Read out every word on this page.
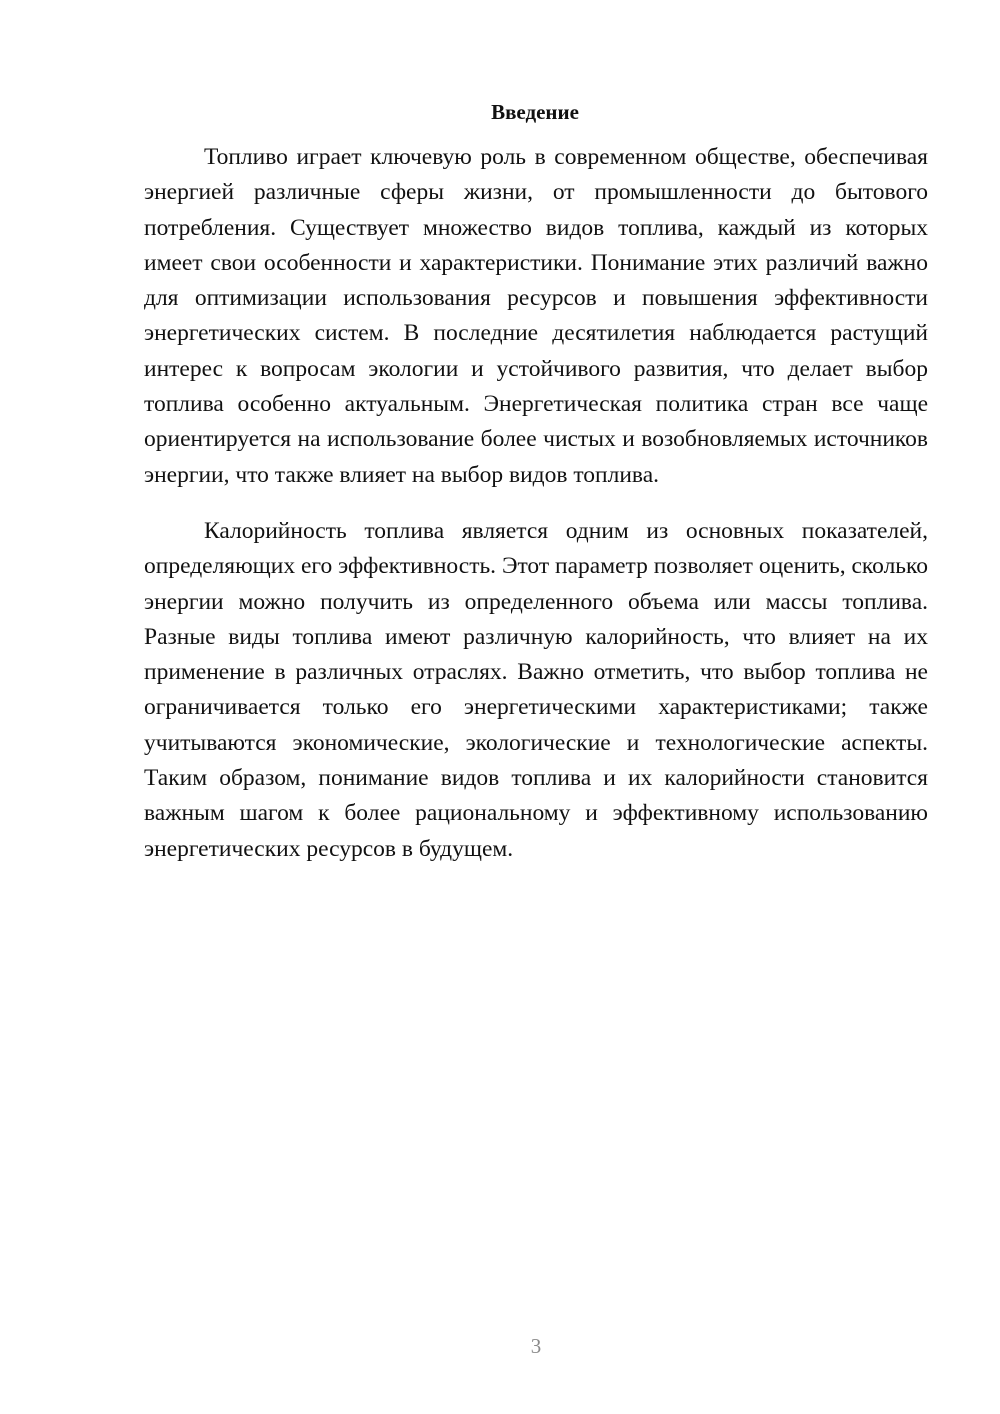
Введение

Топливо играет ключевую роль в современном обществе, обеспечивая энергией различные сферы жизни, от промышленности до бытового потребления. Существует множество видов топлива, каждый из которых имеет свои особенности и характеристики. Понимание этих различий важно для оптимизации использования ресурсов и повышения эффективности энергетических систем. В последние десятилетия наблюдается растущий интерес к вопросам экологии и устойчивого развития, что делает выбор топлива особенно актуальным. Энергетическая политика стран все чаще ориентируется на использование более чистых и возобновляемых источников энергии, что также влияет на выбор видов топлива.

Калорийность топлива является одним из основных показателей, определяющих его эффективность. Этот параметр позволяет оценить, сколько энергии можно получить из определенного объема или массы топлива. Разные виды топлива имеют различную калорийность, что влияет на их применение в различных отраслях. Важно отметить, что выбор топлива не ограничивается только его энергетическими характеристиками; также учитываются экономические, экологические и технологические аспекты. Таким образом, понимание видов топлива и их калорийности становится важным шагом к более рациональному и эффективному использованию энергетических ресурсов в будущем.

3
